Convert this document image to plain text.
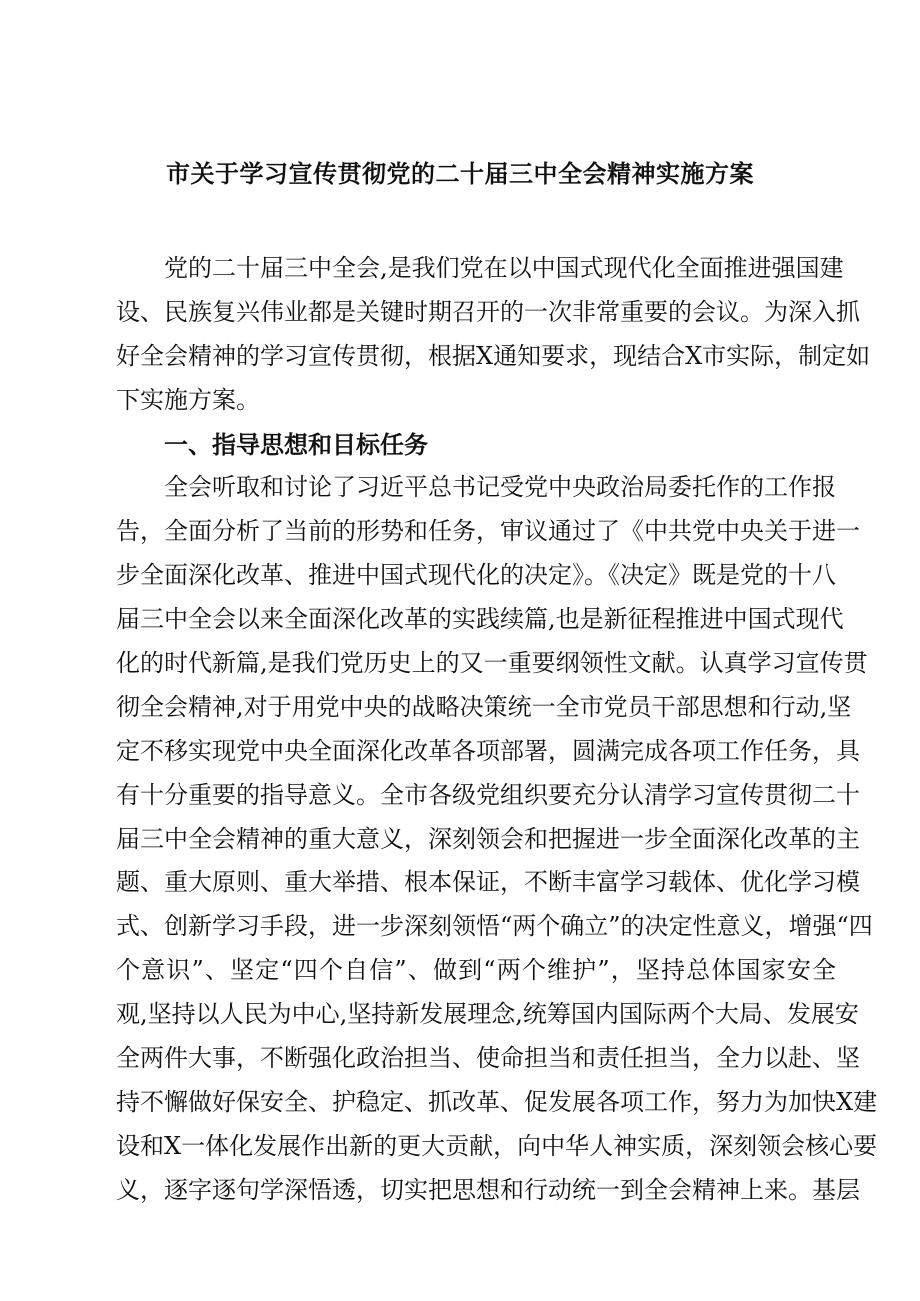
市关于学习宣传贯彻党的二十届三中全会精神实施方案
党的二十届三中全会,是我们党在以中国式现代化全面推进强国建
设、民族复兴伟业都是关键时期召开的一次非常重要的会议。为深入抓
好全会精神的学习宣传贯彻，根据X通知要求，现结合X市实际，制定如
下实施方案。
一、指导思想和目标任务
全会听取和讨论了习近平总书记受党中央政治局委托作的工作报
告，全面分析了当前的形势和任务，审议通过了《中共党中央关于进一
步全面深化改革、推进中国式现代化的决定》。《决定》既是党的十八
届三中全会以来全面深化改革的实践续篇,也是新征程推进中国式现代
化的时代新篇,是我们党历史上的又一重要纲领性文献。认真学习宣传贯
彻全会精神,对于用党中央的战略决策统一全市党员干部思想和行动,坚
定不移实现党中央全面深化改革各项部署，圆满完成各项工作任务，具
有十分重要的指导意义。全市各级党组织要充分认清学习宣传贯彻二十
届三中全会精神的重大意义，深刻领会和把握进一步全面深化改革的主
题、重大原则、重大举措、根本保证，不断丰富学习载体、优化学习模
式、创新学习手段，进一步深刻领悟“两个确立”的决定性意义，增强“四
个意识”、坚定“四个自信”、做到“两个维护”，坚持总体国家安全
观,坚持以人民为中心,坚持新发展理念,统筹国内国际两个大局、发展安
全两件大事，不断强化政治担当、使命担当和责任担当，全力以赴、坚
持不懈做好保安全、护稳定、抓改革、促发展各项工作，努力为加快X建
设和X一体化发展作出新的更大贡献，向中华人神实质，深刻领会核心要
义，逐字逐句学深悟透，切实把思想和行动统一到全会精神上来。基层
